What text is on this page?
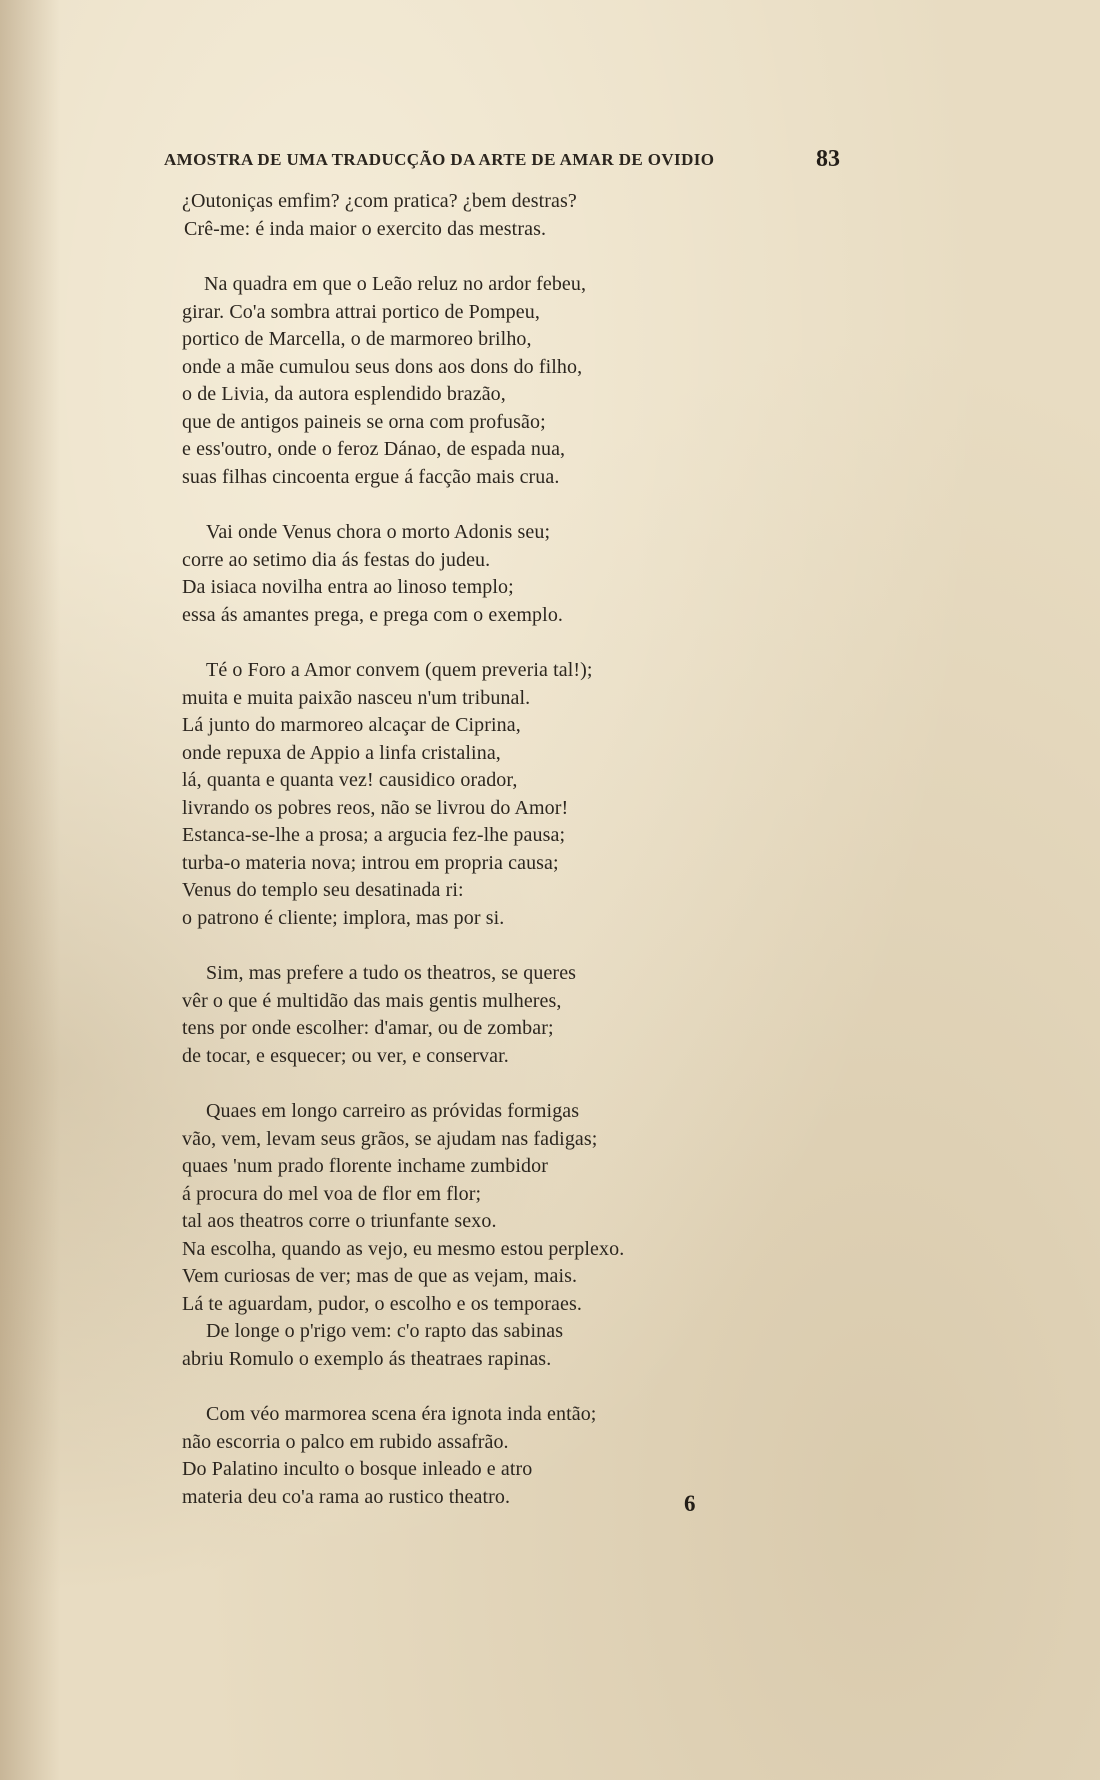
AMOSTRA DE UMA TRADUCÇÃO DA ARTE DE AMAR DE OVIDIO	83
¿Outoniças emfim? ¿com pratica? ¿bem destras?
Crê-me: é inda maior o exercito das mestras.
Na quadra em que o Leão reluz no ardor febeu,
girar. Co'a sombra attrai portico de Pompeu,
portico de Marcella, o de marmoreo brilho,
onde a mãe cumulou seus dons aos dons do filho,
o de Livia, da autora esplendido brazão,
que de antigos paineis se orna com profusão;
e ess'outro, onde o feroz Dánao, de espada nua,
suas filhas cincoenta ergue á facção mais crua.
Vai onde Venus chora o morto Adonis seu;
corre ao setimo dia ás festas do judeu.
Da isiaca novilha entra ao linoso templo;
essa ás amantes prega, e prega com o exemplo.
Té o Foro a Amor convem (quem preveria tal!);
muita e muita paixão nasceu n'um tribunal.
Lá junto do marmoreo alcaçar de Ciprina,
onde repuxa de Appio a linfa cristalina,
lá, quanta e quanta vez! causidico orador,
livrando os pobres reos, não se livrou do Amor!
Estanca-se-lhe a prosa; a argucia fez-lhe pausa;
turba-o materia nova; introu em propria causa;
Venus do templo seu desatinada ri:
o patrono é cliente; implora, mas por si.
Sim, mas prefere a tudo os theatros, se queres
vêr o que é multidão das mais gentis mulheres,
tens por onde escolher: d'amar, ou de zombar;
de tocar, e esquecer; ou ver, e conservar.
Quaes em longo carreiro as próvidas formigas
vão, vem, levam seus grãos, se ajudam nas fadigas;
quaes 'num prado florente inchame zumbidor
á procura do mel voa de flor em flor;
tal aos theatros corre o triunfante sexo.
Na escolha, quando as vejo, eu mesmo estou perplexo.
Vem curiosas de ver; mas de que as vejam, mais.
Lá te aguardam, pudor, o escolho e os temporaes.
De longe o p'rigo vem: c'o rapto das sabinas
abriu Romulo o exemplo ás theatraes rapinas.
Com véo marmorea scena éra ignota inda então;
não escorria o palco em rubido assafrão.
Do Palatino inculto o bosque inleado e atro
materia deu co'a rama ao rustico theatro.	6
